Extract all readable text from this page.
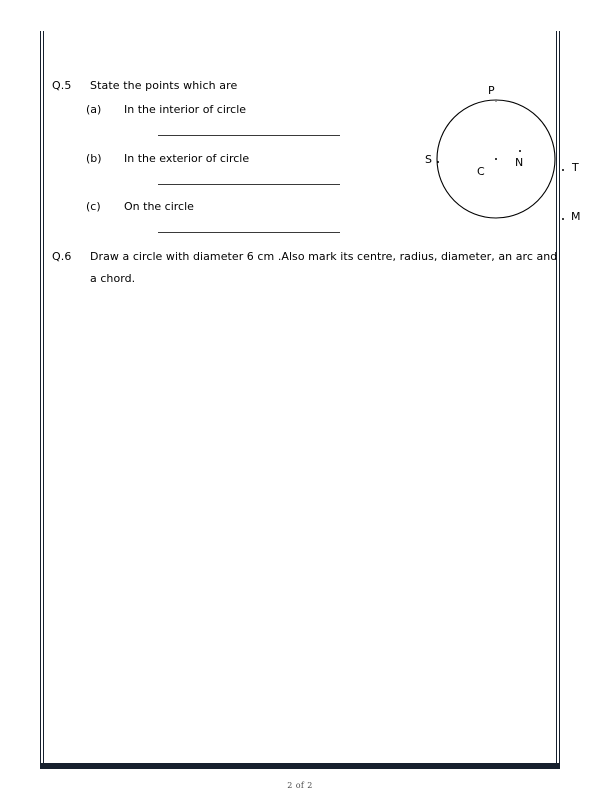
Q.5 State the points which are
(a) In the interior of circle
(b) In the exterior of circle
(c) On the circle
Q.6 Draw a circle with diameter 6 cm .Also mark its centre, radius, diameter, an arc and
a chord.
P
S
C
N	T
M
2 of 2
